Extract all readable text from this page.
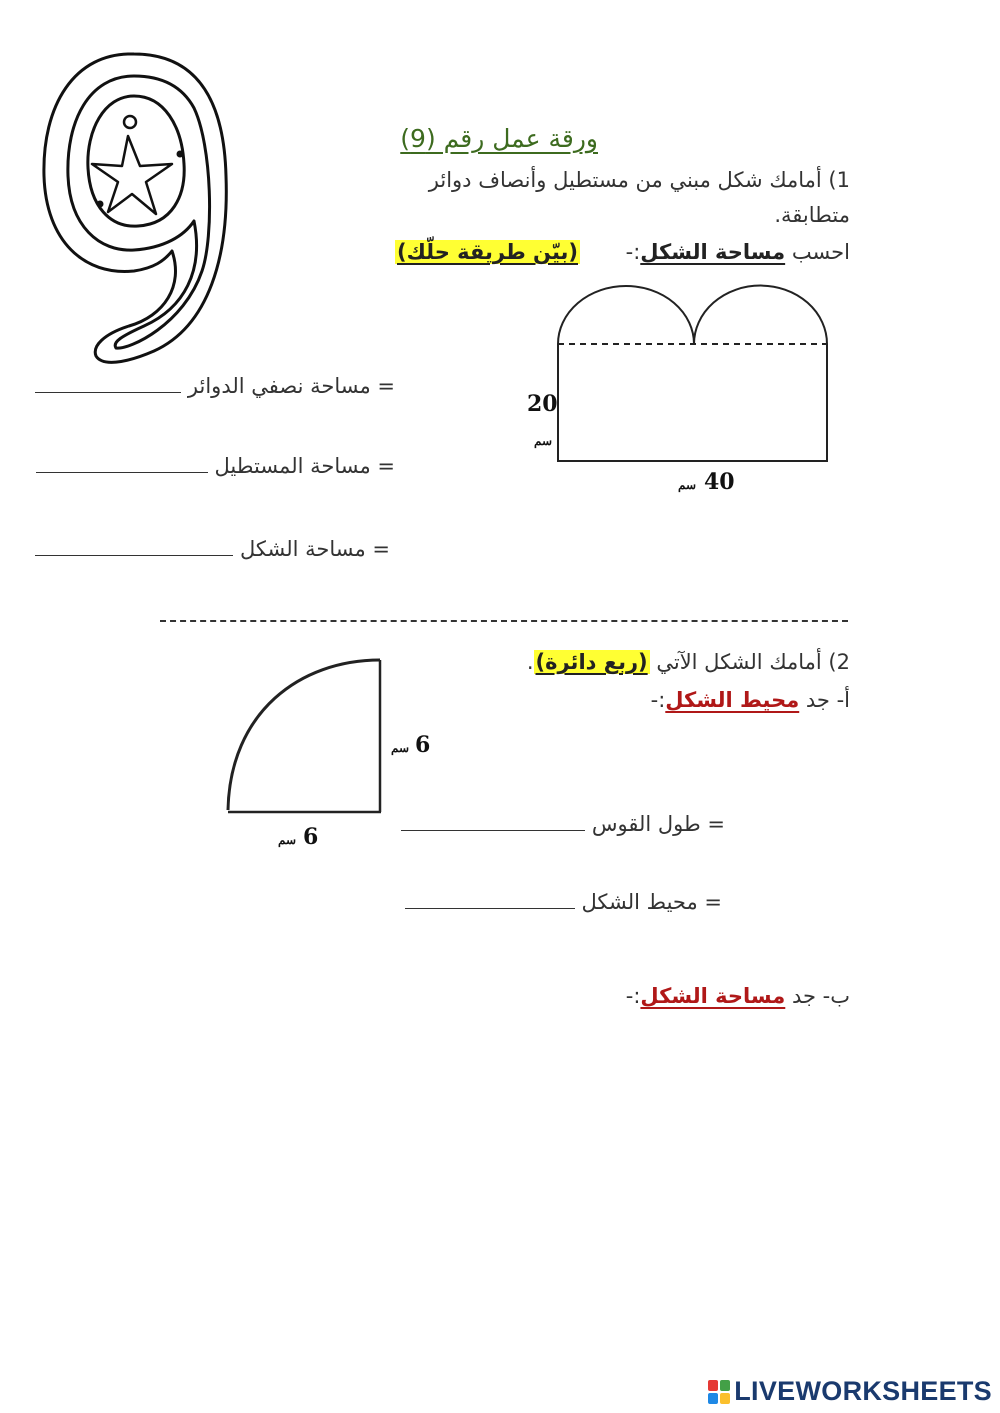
ورقة عمل رقم (9)
1) أمامك شكل مبني من مستطيل وأنصاف دوائر
متطابقة.
احسب مساحة الشكل:-
(بيّن طريقة حلّك)
20
سم
40
سم
= مساحة نصفي الدوائر
= مساحة المستطيل
= مساحة الشكل
2) أمامك الشكل الآتي (ربع دائرة).
أ- جد محيط الشكل:-
6
سم
6
سم
= طول القوس
= محيط الشكل
ب- جد مساحة الشكل:-
LIVEWORKSHEETS
